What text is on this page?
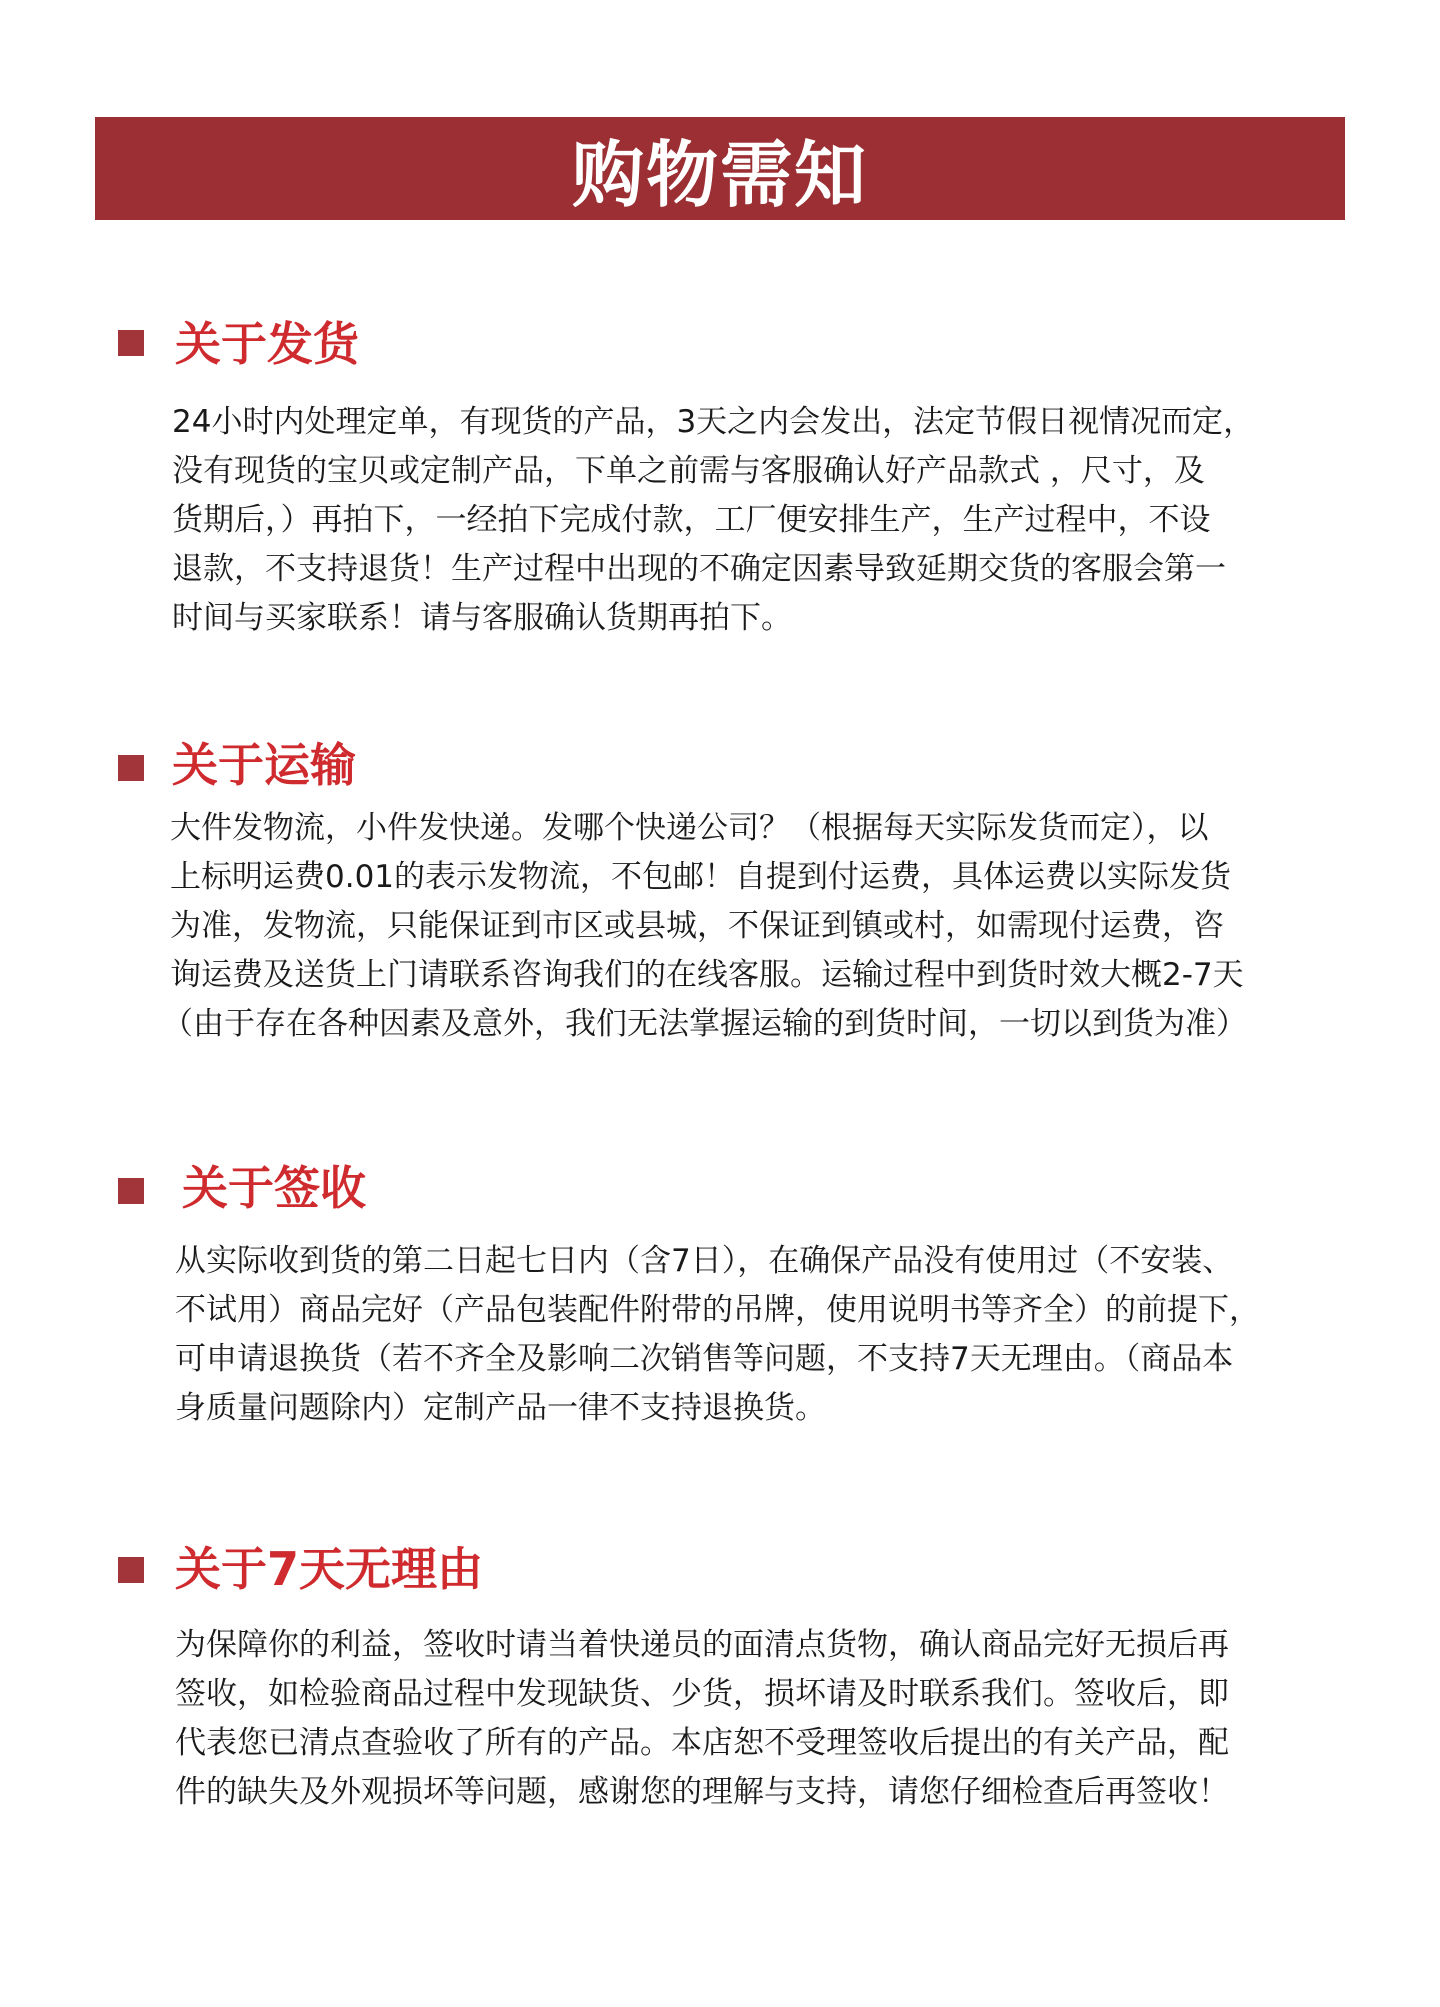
购物需知
关于发货
24小时内处理定单，有现货的产品，3天之内会发出，法定节假日视情况而定，
没有现货的宝贝或定制产品，下单之前需与客服确认好产品款式 ，尺寸，及
货期后，）再拍下，一经拍下完成付款，工厂便安排生产，生产过程中，不设
退款，不支持退货！生产过程中出现的不确定因素导致延期交货的客服会第一
时间与买家联系！请与客服确认货期再拍下。
关于运输
大件发物流，小件发快递。发哪个快递公司？（根据每天实际发货而定），以
上标明运费0.01的表示发物流，不包邮！自提到付运费，具体运费以实际发货
为准，发物流，只能保证到市区或县城，不保证到镇或村，如需现付运费，咨
询运费及送货上门请联系咨询我们的在线客服。运输过程中到货时效大概2-7天
（由于存在各种因素及意外，我们无法掌握运输的到货时间，一切以到货为准）
关于签收
从实际收到货的第二日起七日内（含7日），在确保产品没有使用过（不安装、
不试用）商品完好（产品包装配件附带的吊牌，使用说明书等齐全）的前提下，
可申请退换货（若不齐全及影响二次销售等问题，不支持7天无理由。（商品本
身质量问题除内）定制产品一律不支持退换货。
关于7天无理由
为保障你的利益，签收时请当着快递员的面清点货物，确认商品完好无损后再
签收，如检验商品过程中发现缺货、少货，损坏请及时联系我们。签收后，即
代表您已清点查验收了所有的产品。本店恕不受理签收后提出的有关产品，配
件的缺失及外观损坏等问题，感谢您的理解与支持，请您仔细检查后再签收！
